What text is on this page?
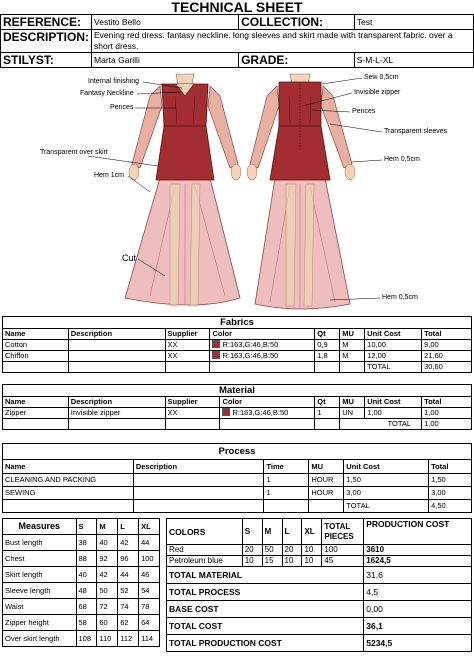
TECHNICAL SHEET
REFERENCE:	Vestito Bello	COLLECTION:	Test
DESCRIPTION:	Evening red dress. fantasy neckline. long sleeves and skirt made with transparent fabric. over a short dress.		
STILYST:	Marta Garilli	GRADE:	S-M-L-XL
Internal finishing
Fantasy Neckline
Pences
Transparent over skirt
Hem 1cm
Cut
Sew 0,5cm
Invisible zipper
Pences
Transparent sleeves
Hem 0,5cm
Hem 0,5cm
Fabrics							
Name	Description	Supplier	Color	Qt	MU	Unit Cost	Total
Cotton		XX	R:163,G:46,B:50	0,9	M	10,00	9,00
Chiffon		XX	R:163,G:46,B:50	1,8	M	12,00	21,60
						TOTAL	30,60
Material							
Name	Description	Supplier	Color	Qt	MU	Unit Cost	Total
Zipper	Invisible zipper	XX	R:163,G:46,B:50	1	UN	1,00	1,00
					TOTAL		1,00
Process					
Name	Description	Time	MU	Unit Cost	Total
CLEANING AND PACKING		1	HOUR	1,50	1,50
SEWING		1	HOUR	3,00	3,00
				TOTAL	4,50
Measures	S	M	L	XL
Bust length	38	40	42	44
Chest	88	92	96	100
Skirt length	40	42	44	46
Sleeve length	48	50	52	54
Waist	68	72	74	78
Zipper height	58	60	62	64
Over skirt length	108	110	112	114
COLORS	S	M	L	XL	TOTAL PIECES	PRODUCTION COST
Red	20	50	20	10	100	3610
Petroleum blue	10	15	10	10	45	1624,5
TOTAL MATERIAL						31,6
TOTAL PROCESS						4,5
BASE COST						0,00
TOTAL COST						36,1
TOTAL PRODUCTION COST						5234,5
